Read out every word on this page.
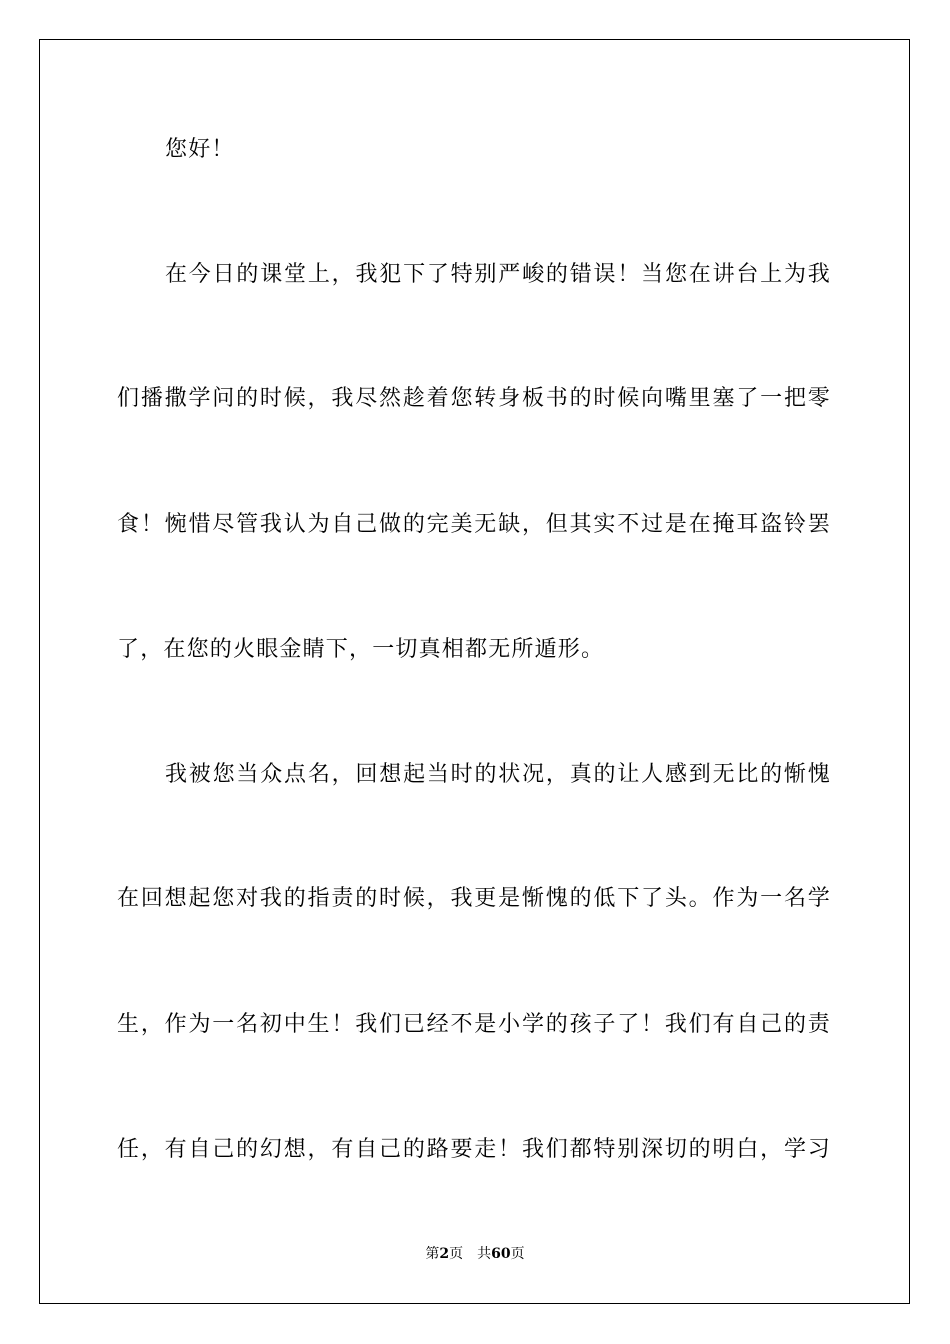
您好！
在今日的课堂上，我犯下了特别严峻的错误！当您在讲台上为我
们播撒学问的时候，我尽然趁着您转身板书的时候向嘴里塞了一把零
食！惋惜尽管我认为自己做的完美无缺，但其实不过是在掩耳盗铃罢
了，在您的火眼金睛下，一切真相都无所遁形。
我被您当众点名，回想起当时的状况，真的让人感到无比的惭愧
在回想起您对我的指责的时候，我更是惭愧的低下了头。作为一名学
生，作为一名初中生！我们已经不是小学的孩子了！我们有自己的责
任，有自己的幻想，有自己的路要走！我们都特别深切的明白，学习
第2页　共60页
